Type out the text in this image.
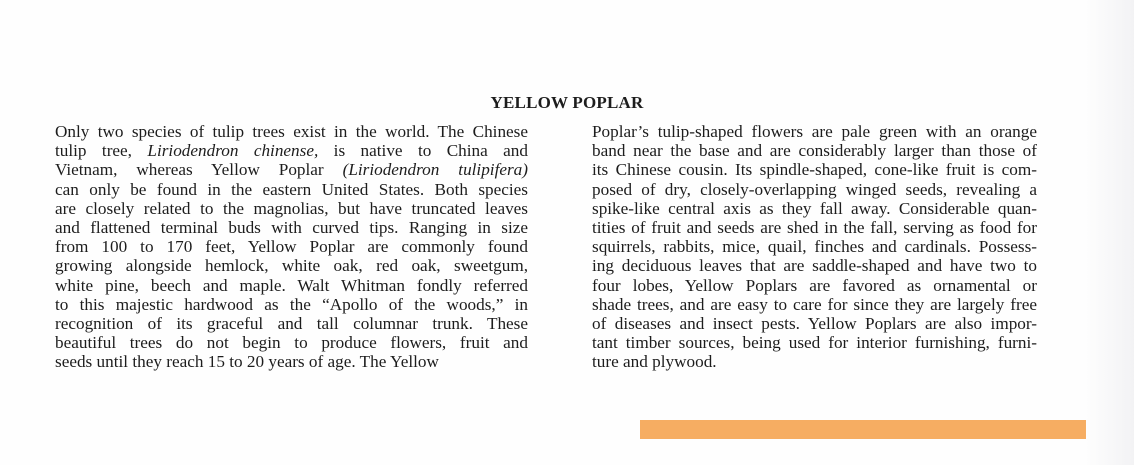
YELLOW POPLAR
Only two species of tulip trees exist in the world. The Chinese
tulip tree, Liriodendron chinense, is native to China and
Vietnam, whereas Yellow Poplar (Liriodendron tulipifera)
can only be found in the eastern United States. Both species
are closely related to the magnolias, but have truncated leaves
and flattened terminal buds with curved tips. Ranging in size
from 100 to 170 feet, Yellow Poplar are commonly found
growing alongside hemlock, white oak, red oak, sweetgum,
white pine, beech and maple. Walt Whitman fondly referred
to this majestic hardwood as the “Apollo of the woods,” in
recognition of its graceful and tall columnar trunk. These
beautiful trees do not begin to produce flowers, fruit and
seeds until they reach 15 to 20 years of age. The Yellow
Poplar’s tulip-shaped flowers are pale green with an orange
band near the base and are considerably larger than those of
its Chinese cousin. Its spindle-shaped, cone-like fruit is com-
posed of dry, closely-overlapping winged seeds, revealing a
spike-like central axis as they fall away. Considerable quan-
tities of fruit and seeds are shed in the fall, serving as food for
squirrels, rabbits, mice, quail, finches and cardinals. Possess-
ing deciduous leaves that are saddle-shaped and have two to
four lobes, Yellow Poplars are favored as ornamental or
shade trees, and are easy to care for since they are largely free
of diseases and insect pests. Yellow Poplars are also impor-
tant timber sources, being used for interior furnishing, furni-
ture and plywood.
